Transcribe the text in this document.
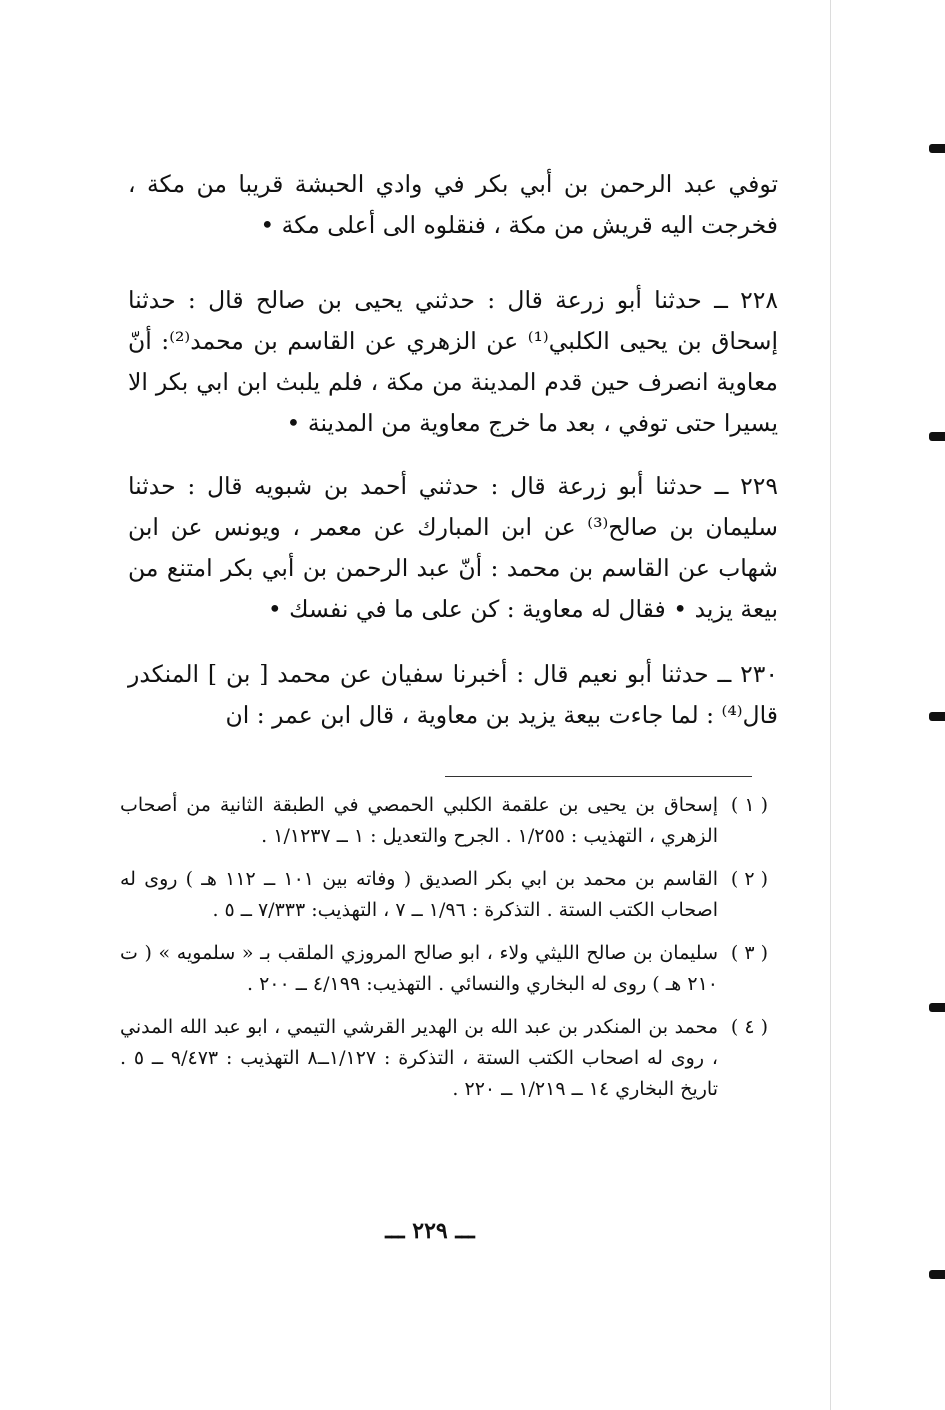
توفي عبد الرحمن بن أبي بكر في وادي الحبشة قريبا من مكة ، فخرجت اليه قريش من مكة ، فنقلوه الى أعلى مكة •

٢٢٨ ــ حدثنا أبو زرعة قال : حدثني يحيى بن صالح قال : حدثنا إسحاق بن يحيى الكلبي⁽¹⁾ عن الزهري عن القاسم بن محمد⁽²⁾: أنّ معاوية انصرف حين قدم المدينة من مكة ، فلم يلبث ابن ابي بكر الا يسيرا حتى توفي ، بعد ما خرج معاوية من المدينة •

٢٢٩ ــ حدثنا أبو زرعة قال : حدثني أحمد بن شبويه قال : حدثنا سليمان بن صالح⁽³⁾ عن ابن المبارك عن معمر ، ويونس عن ابن شهاب عن القاسم بن محمد : أنّ عبد الرحمن بن أبي بكر امتنع من بيعة يزيد • فقال له معاوية : كن على ما في نفسك •

٢٣٠ ــ حدثنا أبو نعيم قال : أخبرنا سفيان عن محمد [ بن ] المنكدر قال⁽⁴⁾ : لما جاءت بيعة يزيد بن معاوية ، قال ابن عمر : ان

( ١ )
إسحاق بن يحيى بن علقمة الكلبي الحمصي في الطبقة الثانية من أصحاب الزهري ، التهذيب : ١/٢٥٥ . الجرح والتعديل : ١ ــ ١/١٢٣٧ .
( ٢ )
القاسم بن محمد بن ابي بكر الصديق ( وفاته بين ١٠١ ــ ١١٢ هـ ) روى له اصحاب الكتب الستة . التذكرة : ١/٩٦ ــ ٧ ، التهذيب: ٧/٣٣٣ ــ ٥ .
( ٣ )
سليمان بن صالح الليثي ولاء ، ابو صالح المروزي الملقب بـ « سلمويه » ( ت ٢١٠ هـ ) روى له البخاري والنسائي . التهذيب: ٤/١٩٩ ــ ٢٠٠ .
( ٤ )
محمد بن المنكدر بن عبد الله بن الهدير القرشي التيمي ، ابو عبد الله المدني ، روى له اصحاب الكتب الستة ، التذكرة : ١/١٢٧ــ٨ التهذيب : ٩/٤٧٣ ــ ٥ . تاريخ البخاري ١٤ ــ ١/٢١٩ ــ ٢٢٠ .
ـــ ٢٢٩ ـــ
